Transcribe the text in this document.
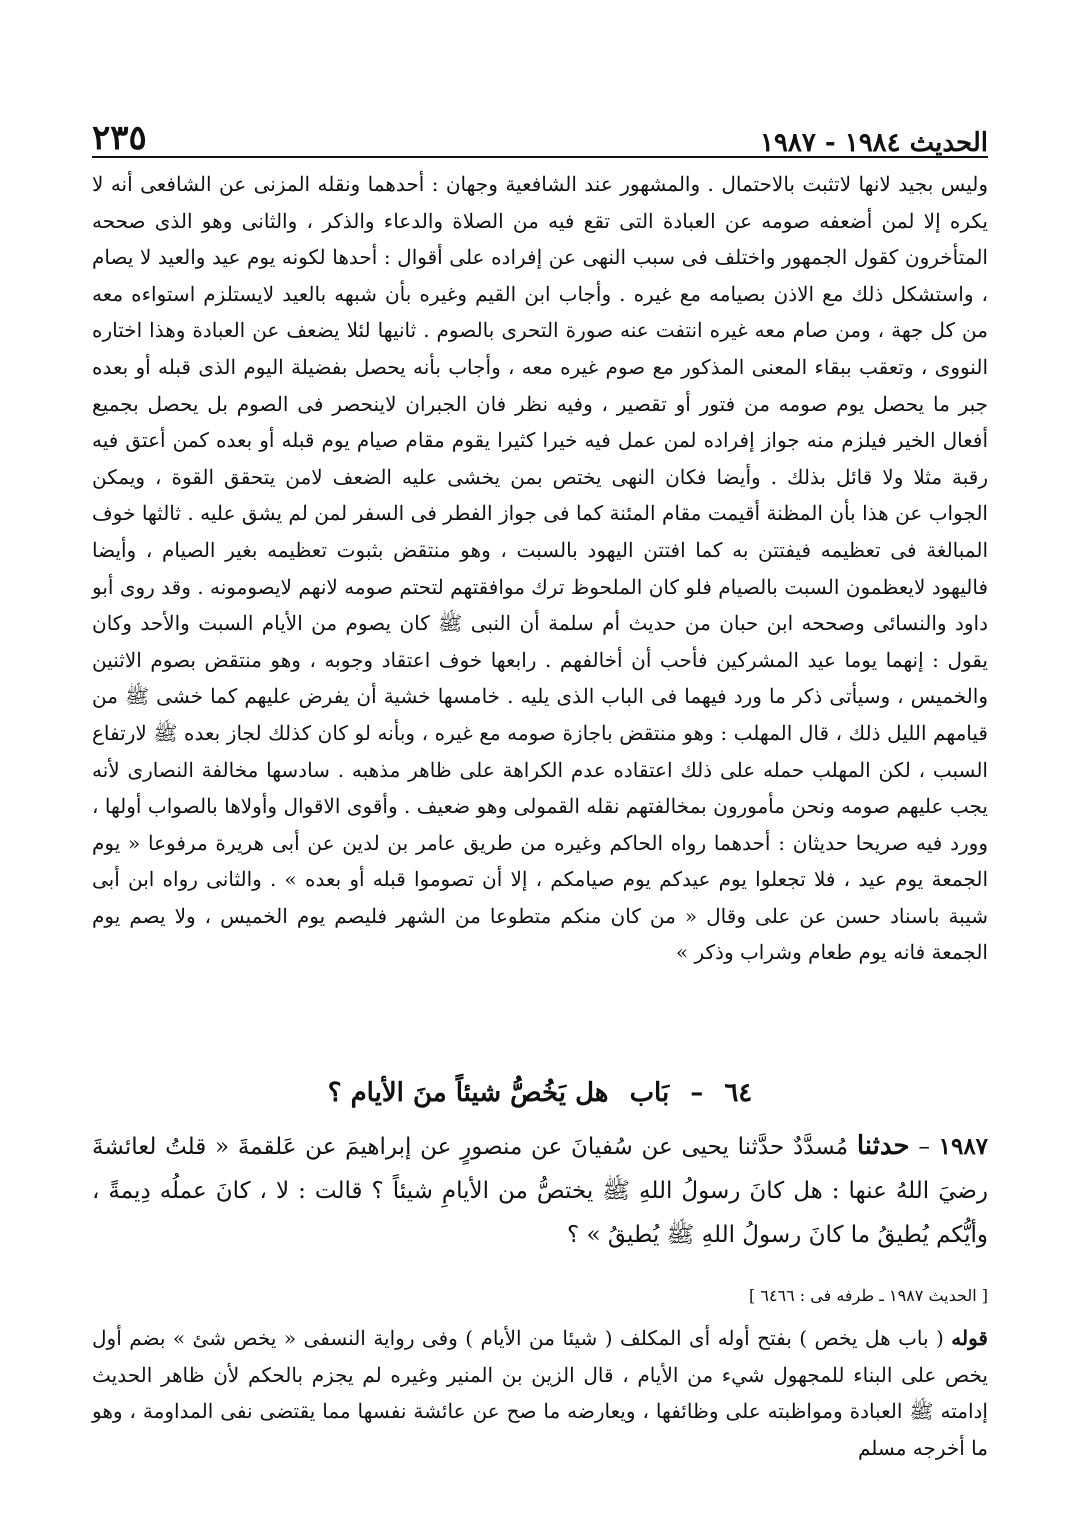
الحديث ١٩٨٤ - ١٩٨٧
٢٣٥
وليس بجيد لانها لاتثبت بالاحتمال . والمشهور عند الشافعية وجهان : أحدهما ونقله المزنى عن الشافعى أنه لا يكره إلا لمن أضعفه صومه عن العبادة التى تقع فيه من الصلاة والدعاء والذكر ، والثانى وهو الذى صححه المتأخرون كقول الجمهور واختلف فى سبب النهى عن إفراده على أقوال : أحدها لكونه يوم عيد والعيد لا يصام ، واستشكل ذلك مع الاذن بصيامه مع غيره . وأجاب ابن القيم وغيره بأن شبهه بالعيد لايستلزم استواءه معه من كل جهة ، ومن صام معه غيره انتفت عنه صورة التحرى بالصوم . ثانيها لئلا يضعف عن العبادة وهذا اختاره النووى ، وتعقب ببقاء المعنى المذكور مع صوم غيره معه ، وأجاب بأنه يحصل بفضيلة اليوم الذى قبله أو بعده جبر ما يحصل يوم صومه من فتور أو تقصير ، وفيه نظر فان الجبران لاينحصر فى الصوم بل يحصل بجميع أفعال الخير فيلزم منه جواز إفراده لمن عمل فيه خيرا كثيرا يقوم مقام صيام يوم قبله أو بعده كمن أعتق فيه رقبة مثلا ولا قائل بذلك . وأيضا فكان النهى يختص بمن يخشى عليه الضعف لامن يتحقق القوة ، ويمكن الجواب عن هذا بأن المظنة أقيمت مقام المئنة كما فى جواز الفطر فى السفر لمن لم يشق عليه . ثالثها خوف المبالغة فى تعظيمه فيفتتن به كما افتتن اليهود بالسبت ، وهو منتقض بثبوت تعظيمه بغير الصيام ، وأيضا فاليهود لايعظمون السبت بالصيام فلو كان الملحوظ ترك موافقتهم لتحتم صومه لانهم لايصومونه . وقد روى أبو داود والنسائى وصححه ابن حبان من حديث أم سلمة أن النبى ﷺ كان يصوم من الأيام السبت والأحد وكان يقول : إنهما يوما عيد المشركين فأحب أن أخالفهم . رابعها خوف اعتقاد وجوبه ، وهو منتقض بصوم الاثنين والخميس ، وسيأتى ذكر ما ورد فيهما فى الباب الذى يليه . خامسها خشية أن يفرض عليهم كما خشى ﷺ من قيامهم الليل ذلك ، قال المهلب : وهو منتقض باجازة صومه مع غيره ، وبأنه لو كان كذلك لجاز بعده ﷺ لارتفاع السبب ، لكن المهلب حمله على ذلك اعتقاده عدم الكراهة على ظاهر مذهبه . سادسها مخالفة النصارى لأنه يجب عليهم صومه ونحن مأمورون بمخالفتهم نقله القمولى وهو ضعيف . وأقوى الاقوال وأولاها بالصواب أولها ، وورد فيه صريحا حديثان : أحدهما رواه الحاكم وغيره من طريق عامر بن لدين عن أبى هريرة مرفوعا « يوم الجمعة يوم عيد ، فلا تجعلوا يوم عيدكم يوم صيامكم ، إلا أن تصوموا قبله أو بعده » . والثانى رواه ابن أبى شيبة باسناد حسن عن على وقال « من كان منكم متطوعا من الشهر فليصم يوم الخميس ، ولا يصم يوم الجمعة فانه يوم طعام وشراب وذكر »
٦٤ – بَاب هل يَخُصُّ شيئاً منَ الأيام ؟
١٩٨٧ – حدثنا مُسدَّدٌ حدَّثنا يحيى عن سُفيانَ عن منصورٍ عن إبراهيمَ عن عَلقمةَ « قلتُ لعائشةَ رضيَ اللهُ عنها : هل كانَ رسولُ اللهِ ﷺ يختصُّ من الأيامِ شيئاً ؟ قالت : لا ، كانَ عملُه دِيمةً ، وأيُّكم يُطيقُ ما كانَ رسولُ اللهِ ﷺ يُطيقُ » ؟
[ الحديث ١٩٨٧ ـ طرفه فى : ٦٤٦٦ ]
قوله ( باب هل يخص ) بفتح أوله أى المكلف ( شيئا من الأيام ) وفى رواية النسفى « يخص شئ » بضم أول يخص على البناء للمجهول شيء من الأيام ، قال الزين بن المنير وغيره لم يجزم بالحكم لأن ظاهر الحديث إدامته ﷺ العبادة ومواظبته على وظائفها ، ويعارضه ما صح عن عائشة نفسها مما يقتضى نفى المداومة ، وهو ما أخرجه مسلم
